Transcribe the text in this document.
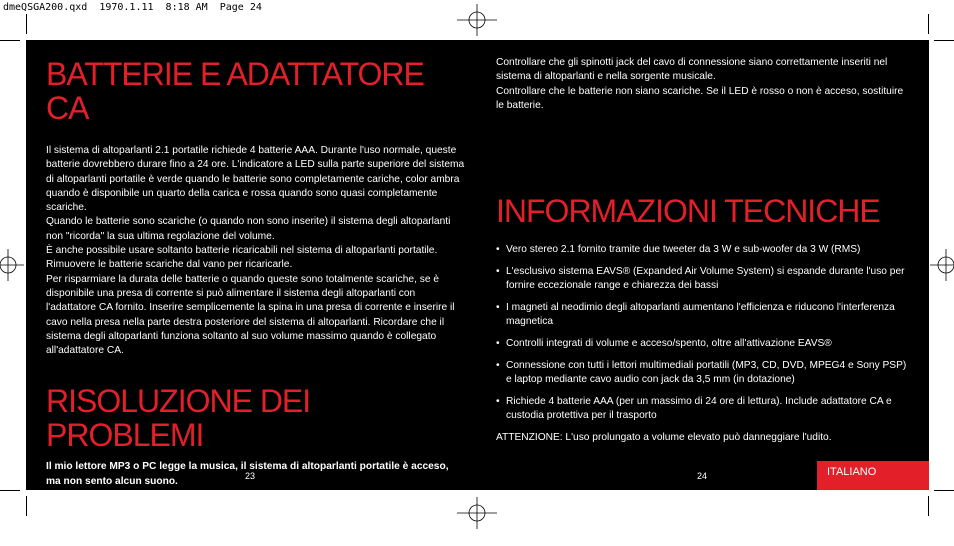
dmeQSGA200.qxd  1970.1.11  8:18 AM  Page 24
BATTERIE E ADATTATORE CA

Il sistema di altoparlanti 2.1 portatile richiede 4 batterie AAA. Durante l'uso normale, queste batterie dovrebbero durare fino a 24 ore. L'indicatore a LED sulla parte superiore del sistema di altoparlanti portatile è verde quando le batterie sono completamente cariche, color ambra quando è disponibile un quarto della carica e rossa quando sono quasi completamente scariche.

Quando le batterie sono scariche (o quando non sono inserite) il sistema degli altoparlanti non "ricorda" la sua ultima regolazione del volume.

È anche possibile usare soltanto batterie ricaricabili nel sistema di altoparlanti portatile. Rimuovere le batterie scariche dal vano per ricaricarle.

Per risparmiare la durata delle batterie o quando queste sono totalmente scariche, se è disponibile una presa di corrente si può alimentare il sistema degli altoparlanti con l'adattatore CA fornito. Inserire semplicemente la spina in una presa di corrente e inserire il cavo nella presa nella parte destra posteriore del sistema di altoparlanti. Ricordare che il sistema degli altoparlanti funziona soltanto al suo volume massimo quando è collegato all'adattatore CA.

RISOLUZIONE DEI PROBLEMI

Il mio lettore MP3 o PC legge la musica, il sistema di altoparlanti portatile è acceso, ma non sento alcun suono.

Controllare che il volume del sistema di altoparlanti portatile non sia a regolato a '0'. Premere il tasto "+" per aumentare il volume fino a quando si sente la musica.

Controllare che il volume del lettore musicale non sia regolato a '0'. Se lo è, aumentarlo fino al livello richiesto.

23

Controllare che gli spinotti jack del cavo di connessione siano correttamente inseriti nel sistema di altoparlanti e nella sorgente musicale.

Controllare che le batterie non siano scariche. Se il LED è rosso o non è acceso, sostituire le batterie.

INFORMAZIONI TECNICHE
• Vero stereo 2.1 fornito tramite due tweeter da 3 W e sub-woofer da 3 W (RMS)
• L'esclusivo sistema EAVS® (Expanded Air Volume System) si espande durante l'uso per fornire eccezionale range e chiarezza dei bassi
• I magneti al neodimio degli altoparlanti aumentano l'efficienza e riducono l'interferenza magnetica
• Controlli integrati di volume e acceso/spento, oltre all'attivazione EAVS®
• Connessione con tutti i lettori multimediali portatili (MP3, CD, DVD, MPEG4 e Sony PSP) e laptop mediante cavo audio con jack da 3,5 mm (in dotazione)
• Richiede 4 batterie AAA (per un massimo di 24 ore di lettura). Include adattatore CA e custodia protettiva per il trasporto

ATTENZIONE: L'uso prolungato a volume elevato può danneggiare l'udito.

24	ITALIANO
